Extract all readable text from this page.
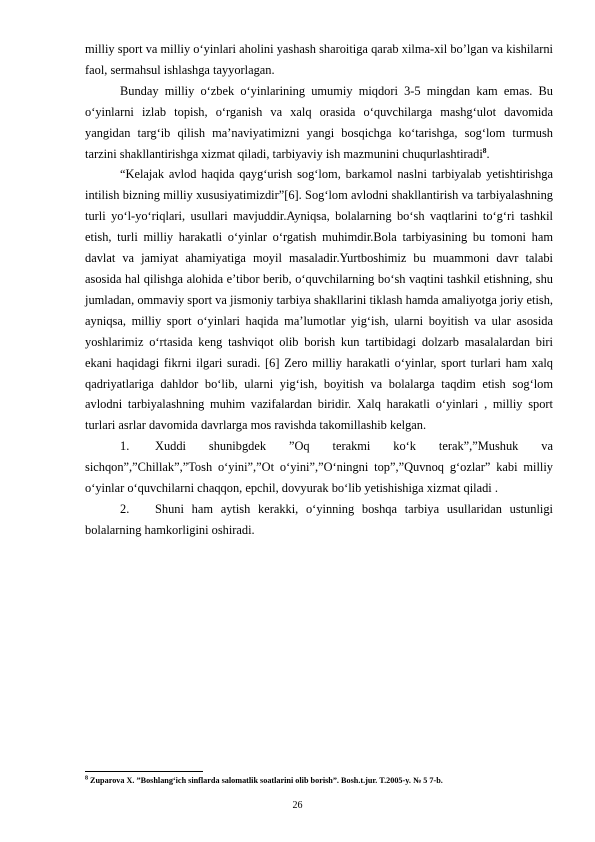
milliy sport va milliy o‘yinlari aholini yashash sharoitiga qarab xilma-xil bo’lgan va kishilarni faol, sermahsul ishlashga tayyorlagan.

Bunday milliy o‘zbek o‘yinlarining umumiy miqdori 3-5 mingdan kam emas. Bu o‘yinlarni izlab topish, o‘rganish va xalq orasida o‘quvchilarga mashg‘ulot davomida yangidan targ‘ib qilish ma’naviyatimizni yangi bosqichga ko‘tarishga, sog‘lom turmush tarzini shakllantirishga xizmat qiladi, tarbiyaviy ish mazmunini chuqurlashtiradi$^8$.

“Kelajak avlod haqida qayg‘urish sog‘lom, barkamol naslni tarbiyalab yetishtirishga intilish bizning milliy xususiyatimizdir”[6]. Sog‘lom avlodni shakllantirish va tarbiyalashning turli yo‘l-yo‘riqlari, usullari mavjuddir.Ayniqsa, bolalarning bo‘sh vaqtlarini to‘g‘ri tashkil etish, turli milliy harakatli o‘yinlar o‘rgatish muhimdir.Bola tarbiyasining bu tomoni ham davlat va jamiyat ahamiyatiga moyil masaladir.Yurtboshimiz bu muammoni davr talabi asosida hal qilishga alohida e’tibor berib, o‘quvchilarning bo‘sh vaqtini tashkil etishning, shu jumladan, ommaviy sport va jismoniy tarbiya shakllarini tiklash hamda amaliyotga joriy etish, ayniqsa, milliy sport o‘yinlari haqida ma’lumotlar yig‘ish, ularni boyitish va ular asosida yoshlarimiz o‘rtasida keng tashviqot olib borish kun tartibidagi dolzarb masalalardan biri ekani haqidagi fikrni ilgari suradi. [6] Zero milliy harakatli o‘yinlar, sport turlari ham xalq qadriyatlariga dahldor bo‘lib, ularni yig‘ish, boyitish va bolalarga taqdim etish sog‘lom avlodni tarbiyalashning muhim vazifalardan biridir. Xalq harakatli o‘yinlari , milliy sport turlari asrlar davomida davrlarga mos ravishda takomillashib kelgan.

1. Xuddi shunibgdek ”Oq terakmi ko‘k terak”,”Mushuk va sichqon”,”Chillak”,”Tosh o‘yini”,”Ot o‘yini”,”O‘ningni top”,”Quvnoq g‘ozlar” kabi milliy o‘yinlar o‘quvchilarni chaqqon, epchil, dovyurak bo‘lib yetishishiga xizmat qiladi .

2. Shuni ham aytish kerakki, o‘yinning boshqa tarbiya usullaridan ustunligi bolalarning hamkorligini oshiradi.

$^8$ Zuparova X. ”Boshlang‘ich sinflarda salomatlik soatlarini olib borish”. Bosh.t.jur. T.2005-y. № 5 7-b.
26
